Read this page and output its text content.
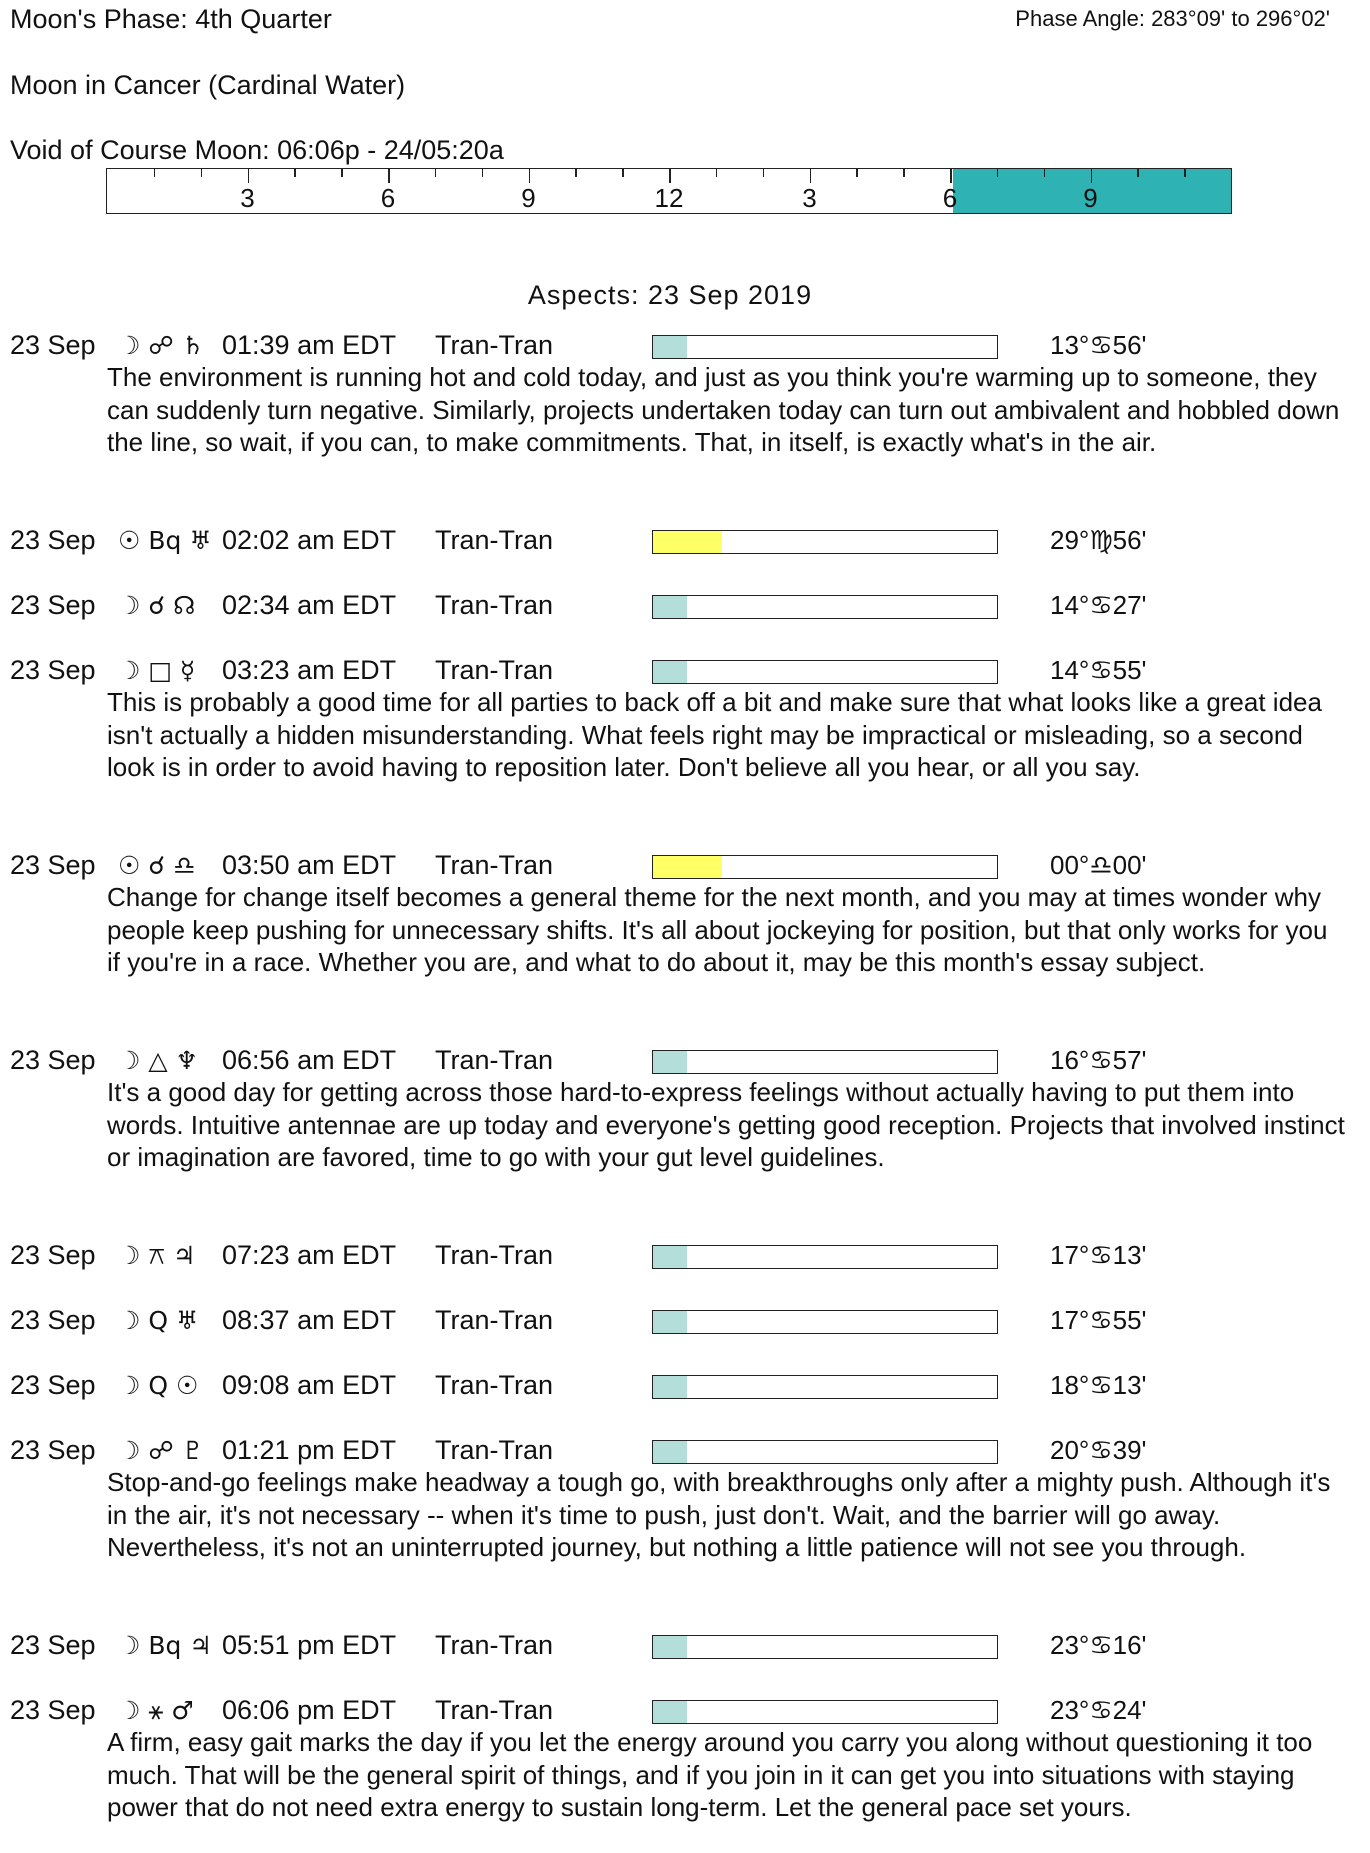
Moon's Phase: 4th Quarter	Phase Angle: 283°09' to 296°02'
Moon in Cancer (Cardinal Water)
Void of Course Moon: 06:06p - 24/05:20a
3	6	9	12	3	6	9
Aspects: 23 Sep 2019
23 Sep ☽ ☍ ♄ 01:39 am EDT Tran-Tran	13°♋56'
The environment is running hot and cold today, and just as you think you're warming up to someone, they can suddenly turn negative. Similarly, projects undertaken today can turn out ambivalent and hobbled down the line, so wait, if you can, to make commitments. That, in itself, is exactly what's in the air.
23 Sep ☉ Bq ♅ 02:02 am EDT Tran-Tran	29°♍56'
23 Sep ☽ ☌ ☊ 02:34 am EDT Tran-Tran	14°♋27'
23 Sep ☽ □ ☿ 03:23 am EDT Tran-Tran	14°♋55'
This is probably a good time for all parties to back off a bit and make sure that what looks like a great idea isn't actually a hidden misunderstanding. What feels right may be impractical or misleading, so a second look is in order to avoid having to reposition later. Don't believe all you hear, or all you say.
23 Sep ☉ ☌ ♎ 03:50 am EDT Tran-Tran	00°♎00'
Change for change itself becomes a general theme for the next month, and you may at times wonder why people keep pushing for unnecessary shifts. It's all about jockeying for position, but that only works for you if you're in a race. Whether you are, and what to do about it, may be this month's essay subject.
23 Sep ☽ △ ♆ 06:56 am EDT Tran-Tran	16°♋57'
It's a good day for getting across those hard-to-express feelings without actually having to put them into words. Intuitive antennae are up today and everyone's getting good reception. Projects that involved instinct or imagination are favored, time to go with your gut level guidelines.
23 Sep ☽ ⚻ ♃ 07:23 am EDT Tran-Tran	17°♋13'
23 Sep ☽ Q ♅ 08:37 am EDT Tran-Tran	17°♋55'
23 Sep ☽ Q ☉ 09:08 am EDT Tran-Tran	18°♋13'
23 Sep ☽ ☍ ♇ 01:21 pm EDT Tran-Tran	20°♋39'
Stop-and-go feelings make headway a tough go, with breakthroughs only after a mighty push. Although it's in the air, it's not necessary -- when it's time to push, just don't. Wait, and the barrier will go away. Nevertheless, it's not an uninterrupted journey, but nothing a little patience will not see you through.
23 Sep ☽ Bq ♃ 05:51 pm EDT Tran-Tran	23°♋16'
23 Sep ☽ ⚹ ♂ 06:06 pm EDT Tran-Tran	23°♋24'
A firm, easy gait marks the day if you let the energy around you carry you along without questioning it too much. That will be the general spirit of things, and if you join in it can get you into situations with staying power that do not need extra energy to sustain long-term. Let the general pace set yours.
